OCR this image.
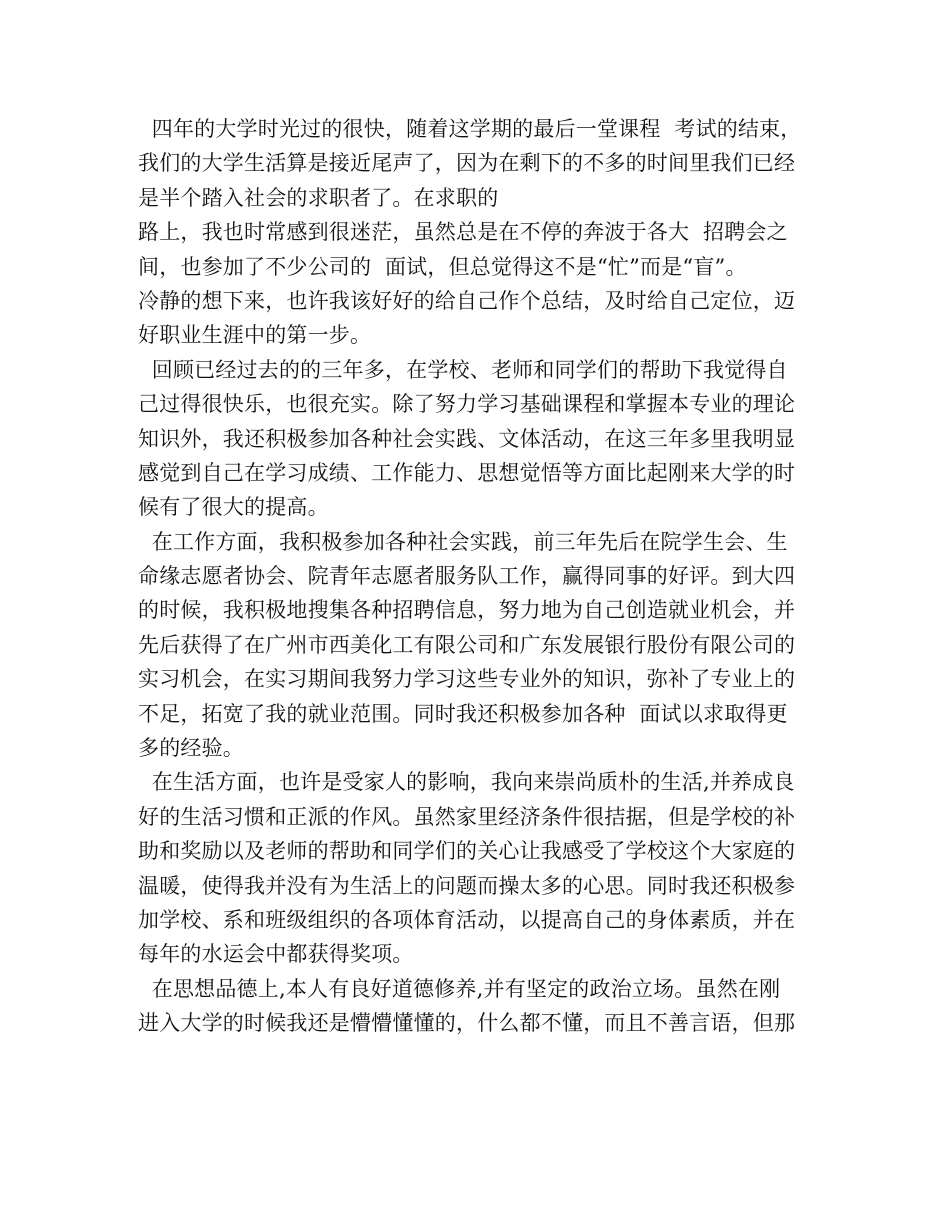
四年的大学时光过的很快，随着这学期的最后一堂课程  考试的结束，
我们的大学生活算是接近尾声了，因为在剩下的不多的时间里我们已经
是半个踏入社会的求职者了。在求职的
路上，我也时常感到很迷茫，虽然总是在不停的奔波于各大  招聘会之
间，也参加了不少公司的  面试，但总觉得这不是“忙”而是“盲”。
冷静的想下来，也许我该好好的给自己作个总结，及时给自己定位，迈
好职业生涯中的第一步。
回顾已经过去的的三年多，在学校、老师和同学们的帮助下我觉得自
己过得很快乐，也很充实。除了努力学习基础课程和掌握本专业的理论
知识外，我还积极参加各种社会实践、文体活动，在这三年多里我明显
感觉到自己在学习成绩、工作能力、思想觉悟等方面比起刚来大学的时
候有了很大的提高。
在工作方面，我积极参加各种社会实践，前三年先后在院学生会、生
命缘志愿者协会、院青年志愿者服务队工作，赢得同事的好评。到大四
的时候，我积极地搜集各种招聘信息，努力地为自己创造就业机会，并
先后获得了在广州市西美化工有限公司和广东发展银行股份有限公司的
实习机会，在实习期间我努力学习这些专业外的知识，弥补了专业上的
不足，拓宽了我的就业范围。同时我还积极参加各种  面试以求取得更
多的经验。
在生活方面，也许是受家人的影响，我向来崇尚质朴的生活,并养成良
好的生活习惯和正派的作风。虽然家里经济条件很拮据，但是学校的补
助和奖励以及老师的帮助和同学们的关心让我感受了学校这个大家庭的
温暖，使得我并没有为生活上的问题而操太多的心思。同时我还积极参
加学校、系和班级组织的各项体育活动，以提高自己的身体素质，并在
每年的水运会中都获得奖项。
在思想品德上,本人有良好道德修养,并有坚定的政治立场。虽然在刚
进入大学的时候我还是懵懵懂懂的，什么都不懂，而且不善言语，但那
